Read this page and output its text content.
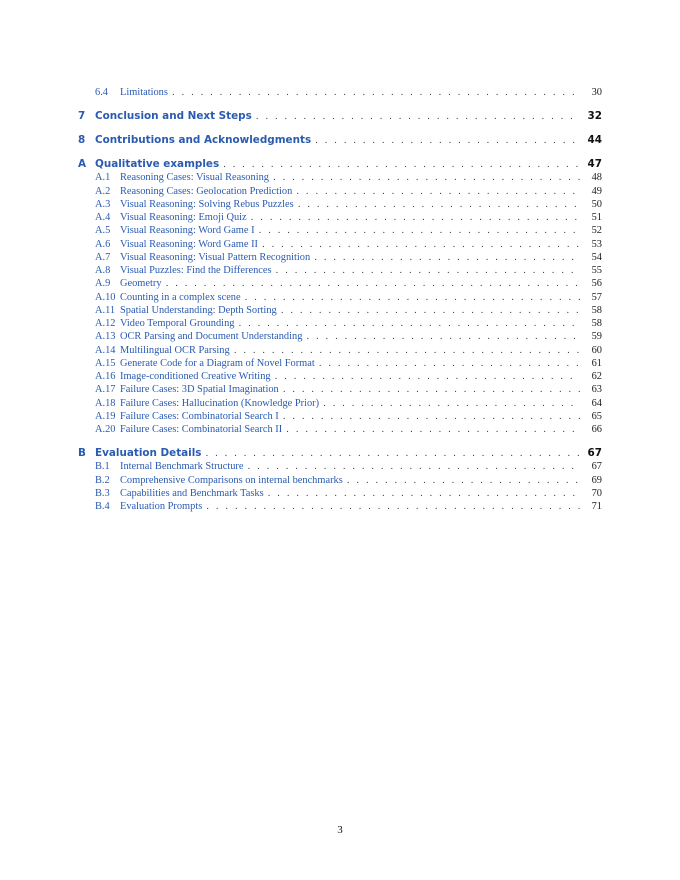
6.4	Limitations . . .	30
7 Conclusion and Next Steps . . .	32
8 Contributions and Acknowledgments . . .	44
A Qualitative examples . . .	47
A.1 Reasoning Cases: Visual Reasoning . . .	48
A.2 Reasoning Cases: Geolocation Prediction . . .	49
A.3 Visual Reasoning: Solving Rebus Puzzles . . .	50
A.4 Visual Reasoning: Emoji Quiz . . .	51
A.5 Visual Reasoning: Word Game I . . .	52
A.6 Visual Reasoning: Word Game II . . .	53
A.7 Visual Reasoning: Visual Pattern Recognition . . .	54
A.8 Visual Puzzles: Find the Differences . . .	55
A.9 Geometry . . .	56
A.10 Counting in a complex scene . . .	57
A.11 Spatial Understanding: Depth Sorting . . .	58
A.12 Video Temporal Grounding . . .	58
A.13 OCR Parsing and Document Understanding . . .	59
A.14 Multilingual OCR Parsing . . .	60
A.15 Generate Code for a Diagram of Novel Format . . .	61
A.16 Image-conditioned Creative Writing . . .	62
A.17 Failure Cases: 3D Spatial Imagination . . .	63
A.18 Failure Cases: Hallucination (Knowledge Prior) . . .	64
A.19 Failure Cases: Combinatorial Search I . . .	65
A.20 Failure Cases: Combinatorial Search II . . .	66
B Evaluation Details . . .	67
B.1 Internal Benchmark Structure . . .	67
B.2 Comprehensive Comparisons on internal benchmarks . . .	69
B.3 Capabilities and Benchmark Tasks . . .	70
B.4 Evaluation Prompts . . .	71
3
